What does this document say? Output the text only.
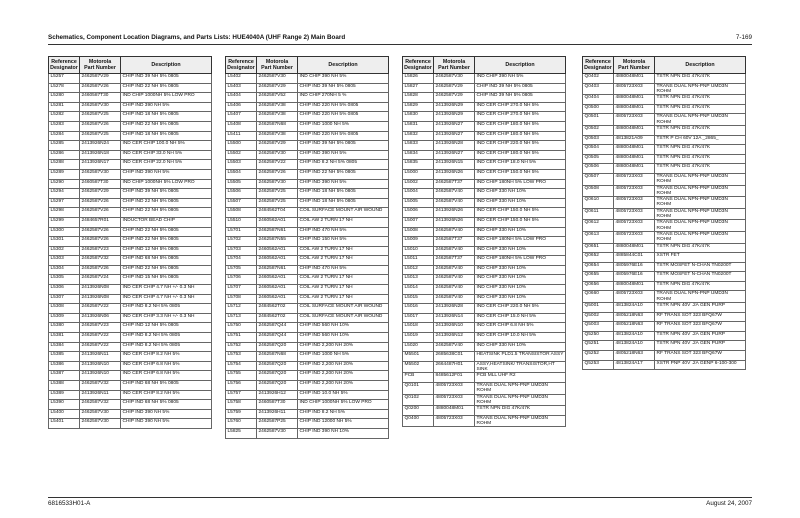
Schematics, Component Location Diagrams, and Parts Lists: HUE4040A (UHF Range 2) Main Board	7-169
Reference
Designator	Motorola
Part Number	Description
L5257	2462587V29	CHIP IND 39 NH 5% 0805
L5278	2462587V26	CHIP IND 22 NH 5% 0805
L5280	2460587T30	IND CHIP 1000NH 5% LOW PRO
L5281	2462587V30	CHIP IND 390 NH 5%
L5282	2462587V25	CHIP IND 18 NH 5% 0805
L5283	2462587V26	CHIP IND 22 NH 5% 0805
L5284	2462587V25	CHIP IND 18 NH 5% 0805
L5285	2413926N24	IND CER CHIP 100.0 NH 5%
L5286	2413926N18	IND CER CHIP 33.0 NH 5%
L5288	2413926N17	IND CER CHIP 22.0 NH 5%
L5289	2462587V30	CHIP IND 390 NH 5%
L5290	2460587T30	IND CHIP 1000NH 5% LOW PRO
L5294	2462587V29	CHIP IND 39 NH 5% 0805
L5297	2462587V26	CHIP IND 22 NH 5% 0805
L5298	2462587V26	CHIP IND 22 NH 5% 0805
L5299	2484657R01	INDUCTOR BEAD CHIP
L5300	2462587V26	CHIP IND 22 NH 5% 0805
L5301	2462587V26	CHIP IND 22 NH 5% 0805
L5302	2462587V23	CHIP IND 12 NH 5% 0805
L5303	2462587V32	CHIP IND 68 NH 5% 0805
L5304	2462587V26	CHIP IND 22 NH 5% 0805
L5305	2462587V24	CHIP IND 15 NH 5% 0805
L5306	2413926N08	IND CER CHIP 4.7 NH +/- 0.3 NH
L5307	2413926N08	IND CER CHIP 4.7 NH +/- 0.3 NH
L5308	2462587V22	CHIP IND 8.2 NH 5% 0805
L5309	2413926N06	IND CER CHIP 3.3 NH +/- 0.3 NH
L5380	2462587V23	CHIP IND 12 NH 5% 0805
L5381	2462587V22	CHIP IND 8.2 NH 5% 0805
L5384	2462587V22	CHIP IND 8.2 NH 5% 0805
L5385	2413926N11	IND CER CHIP 8.2 NH 5%
L5386	2413926N10	IND CER CHIP 6.8 NH 5%
L5387	2413926N10	IND CER CHIP 6.8 NH 5%
L5388	2462587V32	CHIP IND 68 NH 5% 0805
L5389	2413926N11	IND CER CHIP 8.2 NH 5%
L5390	2462587V32	CHIP IND 68 NH 5% 0805
L5400	2462587V30	CHIP IND 390 NH 5%
L5401	2462587V30	CHIP IND 390 NH 5%
Reference
Designator	Motorola
Part Number	Description
L5402	2462587V30	IND CHIP 390 NH 5%
L5403	2462587V29	CHIP IND 39 NH 5% 0805
L5404	2462587V52	IND CHIP 270NH 5 %
L5406	2462587V38	CHIP IND 220 NH 5% 0805
L5407	2462587V38	CHIP IND 220 NH 5% 0805
L5408	2462587N68	CHIP IND 1000 NH 5%
L5411	2462587V38	CHIP IND 220 NH 5% 0805
L5500	2462587V29	CHIP IND 39 NH 5% 0805
L5502	2462587V30	CHIP IND 390 NH 5%
L5503	2462587V22	CHIP IND 8.2 NH 5% 0805
L5504	2462587V26	CHIP IND 22 NH 5% 0805
L5505	2462587V30	CHIP IND 390 NH 5%
L5506	2462587V25	CHIP IND 18 NH 5% 0805
L5507	2462587V25	CHIP IND 18 NH 5% 0805
L5508	2484562T04	COIL SURFACE MOUNT AIR WOUND
L5510	2460562A01	COIL AW 2 TURN 17 NH
L5701	2462587N61	CHIP IND 470 NH 5%
L5702	2462587N55	CHIP IND 150 NH 5%
L5703	2460562A01	COIL AW 2 TURN 17 NH
L5704	2460562A01	COIL AW 2 TURN 17 NH
L5705	2462587N61	CHIP IND 470 NH 5%
L5706	2460562A01	COIL AW 2 TURN 17 NH
L5707	2460562A01	COIL AW 2 TURN 17 NH
L5708	2460562A01	COIL AW 2 TURN 17 NH
L5712	2484562T02	COIL SURFACE MOUNT AIR WOUND
L5713	2484562T02	COIL SURFACE MOUNT AIR WOUND
L5750	2462587Q44	CHIP IND 560 NH 10%
L5751	2462587Q44	CHIP IND 560 NH 10%
L5752	2462587Q20	CHIP IND 2,200 NH 20%
L5753	2462587N68	CHIP IND 1000 NH 5%
L5754	2462587Q20	CHIP IND 2,200 NH 20%
L5755	2462587Q20	CHIP IND 2,200 NH 20%
L5756	2462587Q20	CHIP IND 2,200 NH 20%
L5757	2413926H12	CHIP IND 10.0 NH 5%
L5758	2460587T30	IND CHIP 1000NH 5% LOW PRO
L5759	2413926H11	CHIP IND 8.2 NH 5%
L5760	2462587P25	CHIP IND 12000 NH 5%
L5825	2462587V30	CHIP IND 390 NH 10%
Reference
Designator	Motorola
Part Number	Description
L5826	2462587V30	IND CHIP 390 NH 5%
L5827	2462587V29	CHIP IND 39 NH 5% 0805
L5828	2462587V29	CHIP IND 39 NH 5% 0805
L5829	2413926N29	IND CER CHIP 270.0 NH 5%
L5830	2413926N29	IND CER CHIP 270.0 NH 5%
L5831	2413926N27	IND CER CHIP 180.0 NH 5%
L5832	2413926N27	IND CER CHIP 180.0 NH 5%
L5833	2413926N28	IND CER CHIP 220.0 NH 5%
L5834	2413926N27	IND CER CHIP 180.0 NH 5%
L5835	2413926N15	IND CER CHIP 18.0 NH 5%
L5000	2413926N26	IND CER CHIP 150.0 NH 5%
L5002	2462587T37	IND CHIP 180NH 5% LOW PRO
L5004	2462587V40	IND CHIP 330 NH 10%
L5005	2462587V40	IND CHIP 330 NH 10%
L5006	2413926N26	IND CER CHIP 150.0 NH 5%
L5007	2413926N26	IND CER CHIP 150.0 NH 5%
L5008	2462587V40	IND CHIP 330 NH 10%
L5009	2462587T37	IND CHIP 180NH 5% LOW PRO
L5010	2462587V40	IND CHIP 330 NH 10%
L5011	2462587T37	IND CHIP 180NH 5% LOW PRO
L5012	2462587V40	IND CHIP 330 NH 10%
L5013	2462587V40	IND CHIP 330 NH 10%
L5014	2462587V40	IND CHIP 330 NH 10%
L5015	2462587V40	IND CHIP 330 NH 10%
L5016	2413926N28	IND CER CHIP 220.0 NH 5%
L5017	2413926N14	IND CER CHIP 15.0 NH 5%
L5018	2413926N10	IND CER CHIP 6.8 NH 5%
L5019	2413926N12	IND CER CHIP 10.0 NH 5%
L5020	2462587V40	IND CHIP 330 NH 10%
M5501	2685638C01	HEATSINK PLD1.5 TRANSISTOR ASSY
M5502	2664487H01	ASSY,HEATSINK/ TRANSISTOR,HT SINK
PCB	8485612F01	PCB MLL UHF R2
Q0101	4805723X03	TRANS DUAL NPN-PNP UMD3N ROHM
Q0102	4805723X03	TRANS DUAL NPN-PNP UMD3N ROHM
Q0200	4880048M01	TSTR NPN DIG 47K/47K
Q0400	4805723X03	TRANS DUAL NPN-PNP UMD3N ROHM
Reference
Designator	Motorola
Part Number	Description
Q0402	4880048M01	TSTR NPN DIG 47K/47K
Q0403	4805723X03	TRANS DUAL NPN-PNP UMD3N ROHM
Q0404	4880048M01	TSTR NPN DIG 47K/47K
Q0500	4880048M01	TSTR NPN DIG 47K/47K
Q0501	4805723X03	TRANS DUAL NPN-PNP UMD3N ROHM
Q0502	4880048M01	TSTR NPN DIG 47K/47K
Q0503	4813821A09	TSTR P CH 60V 12A _2865_
Q0504	4880048M01	TSTR NPN DIG 47K/47K
Q0505	4880048M01	TSTR NPN DIG 47K/47K
Q0506	4880048M01	TSTR NPN DIG 47K/47K
Q0507	4805723X03	TRANS DUAL NPN-PNP UMD3N ROHM
Q0508	4805723X03	TRANS DUAL NPN-PNP UMD3N ROHM
Q0610	4805723X03	TRANS DUAL NPN-PNP UMD3N ROHM
Q0611	4805723X03	TRANS DUAL NPN-PNP UMD3N ROHM
Q0612	4805723X03	TRANS DUAL NPN-PNP UMD3N ROHM
Q0613	4805723X03	TRANS DUAL NPN-PNP UMD3N ROHM
Q0651	4880048M01	TSTR NPN DIG 47K/47K
Q0652	4885844C01	XSTR FET
Q0654	4805976E16	TSTR MOSFET N-CHAN TN0200T
Q0655	4805976E16	TSTR MOSFET N-CHAN TN0200T
Q0656	4880048M01	TSTR NPN DIG 47K/47K
Q0660	4805723X03	TRANS DUAL NPN-PNP UMD3N ROHM
Q5001	4813824A10	TSTR NPN 40V .2A GEN PURP
Q5002	4805218N63	RF TRANS SOT 323 BFQ67W
Q5003	4805218N63	RF TRANS SOT 323 BFQ67W
Q5250	4813824A10	TSTR NPN 40V .2A GEN PURP
Q5251	4813824A10	TSTR NPN 40V .2A GEN PURP
Q5252	4805218N63	RF TRANS SOT 323 BFQ67W
Q5253	4813824A17	XSTR PNP 40V .2A GENP 6-100-300
6816533H01-A	August 24, 2007
